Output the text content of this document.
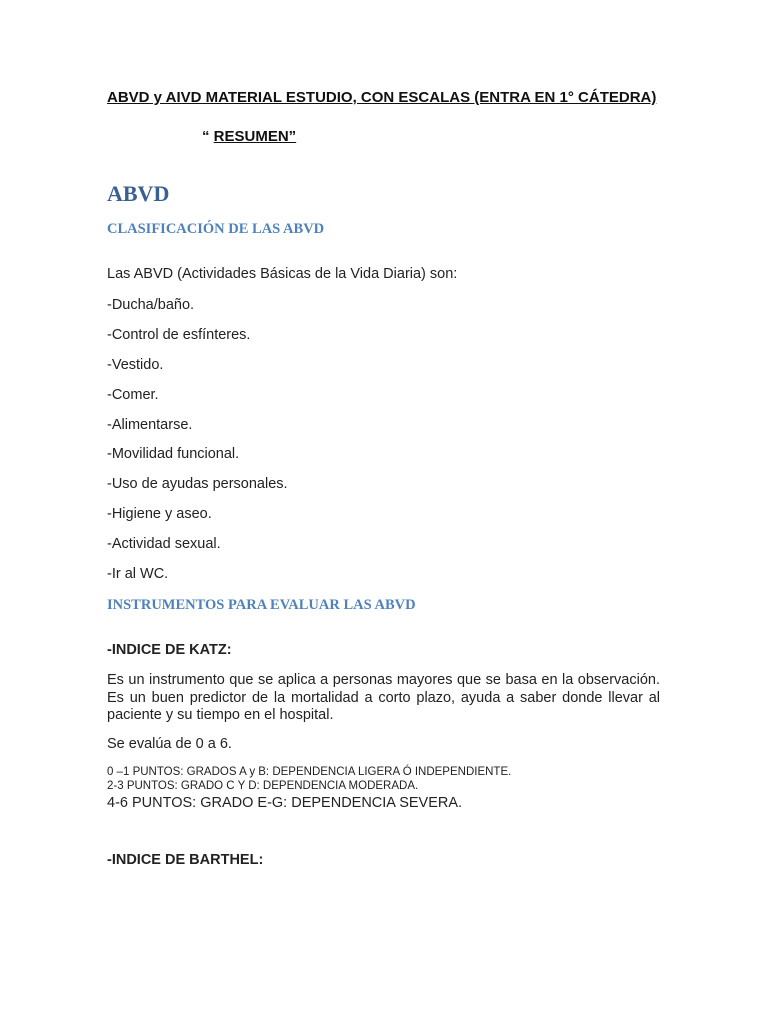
ABVD y AIVD MATERIAL ESTUDIO, CON ESCALAS (ENTRA EN 1° CÁTEDRA)
“ RESUMEN”
ABVD
CLASIFICACIÓN DE LAS ABVD
Las ABVD (Actividades Básicas de la Vida Diaria) son:
-Ducha/baño.
-Control de esfínteres.
-Vestido.
-Comer.
-Alimentarse.
-Movilidad funcional.
-Uso de ayudas personales.
-Higiene y aseo.
-Actividad sexual.
-Ir al WC.
INSTRUMENTOS PARA EVALUAR LAS ABVD
-INDICE DE KATZ:
Es un instrumento que se aplica a personas mayores que se basa en la observación. Es un buen predictor de la mortalidad a corto plazo, ayuda a saber donde llevar al paciente y su tiempo en el hospital.
Se evalúa de 0 a 6.
0 –1 PUNTOS: GRADOS A y B: DEPENDENCIA LIGERA Ó INDEPENDIENTE.
2-3 PUNTOS: GRADO C Y D: DEPENDENCIA MODERADA.
4-6 PUNTOS: GRADO E-G: DEPENDENCIA SEVERA.
-INDICE DE BARTHEL:
